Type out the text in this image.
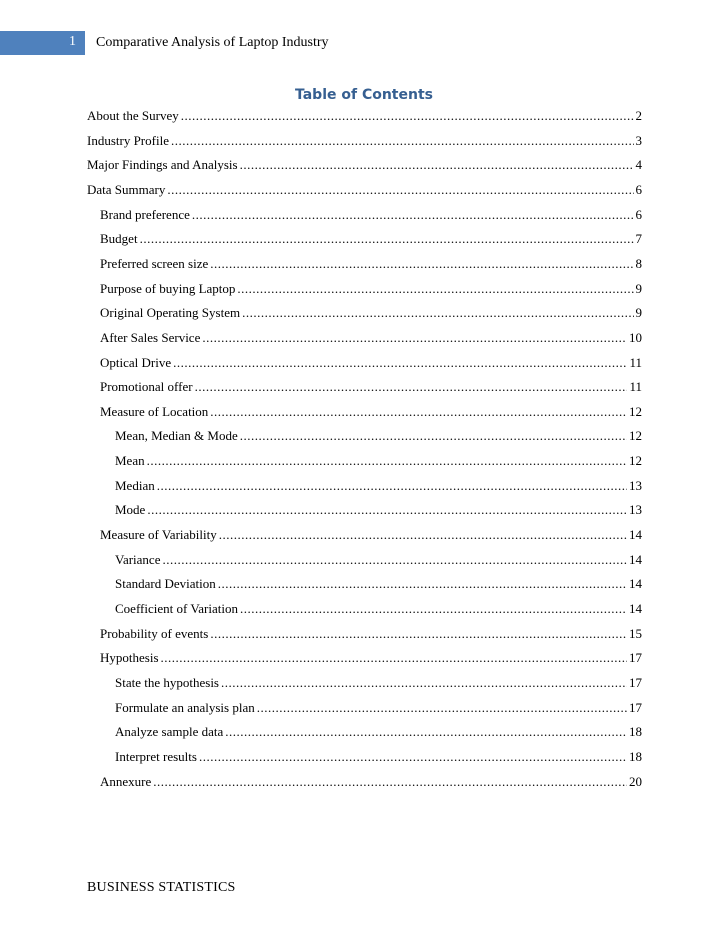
1 Comparative Analysis of Laptop Industry
Table of Contents
About the Survey .....	2
Industry Profile .....	3
Major Findings and Analysis .....	4
Data Summary .....	6
Brand preference .....	6
Budget .....	7
Preferred screen size .....	8
Purpose of buying Laptop .....	9
Original Operating System .....	9
After Sales Service .....	10
Optical Drive .....	11
Promotional offer .....	11
Measure of Location .....	12
Mean, Median & Mode .....	12
Mean .....	12
Median .....	13
Mode .....	13
Measure of Variability .....	14
Variance .....	14
Standard Deviation .....	14
Coefficient of Variation .....	14
Probability of events .....	15
Hypothesis .....	17
State the hypothesis .....	17
Formulate an analysis plan .....	17
Analyze sample data .....	18
Interpret results .....	18
Annexure .....	20
BUSINESS STATISTICS
